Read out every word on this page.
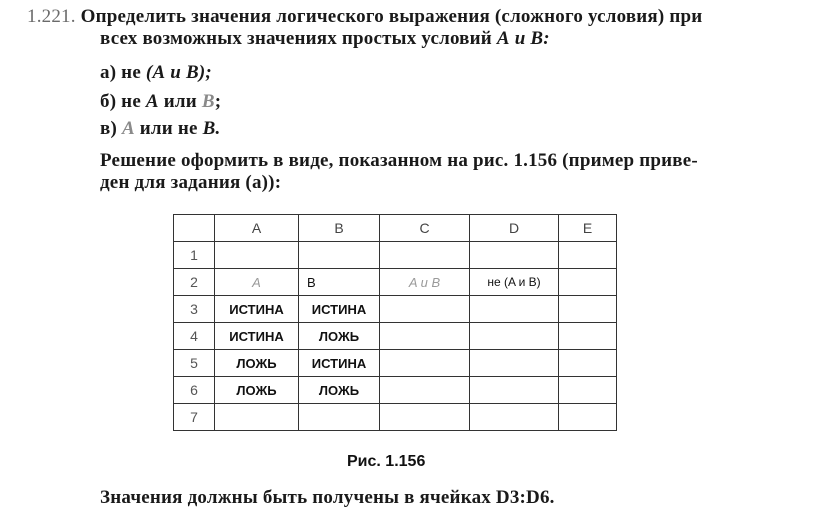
1.221. Определить значения логического выражения (сложного условия) при
всех возможных значениях простых условий А и В:
а) не (А и В);
б) не А или В;
в) А или не В.
Решение оформить в виде, показанном на рис. 1.156 (пример приве-
ден для задания (а)):
	A	B	C	D	E
1					
2	A	B	A и B	не (A и B)	
3	ИСТИНА	ИСТИНА			
4	ИСТИНА	ЛОЖЬ			
5	ЛОЖЬ	ИСТИНА			
6	ЛОЖЬ	ЛОЖЬ			
7					
Рис. 1.156
Значения должны быть получены в ячейках D3:D6.
